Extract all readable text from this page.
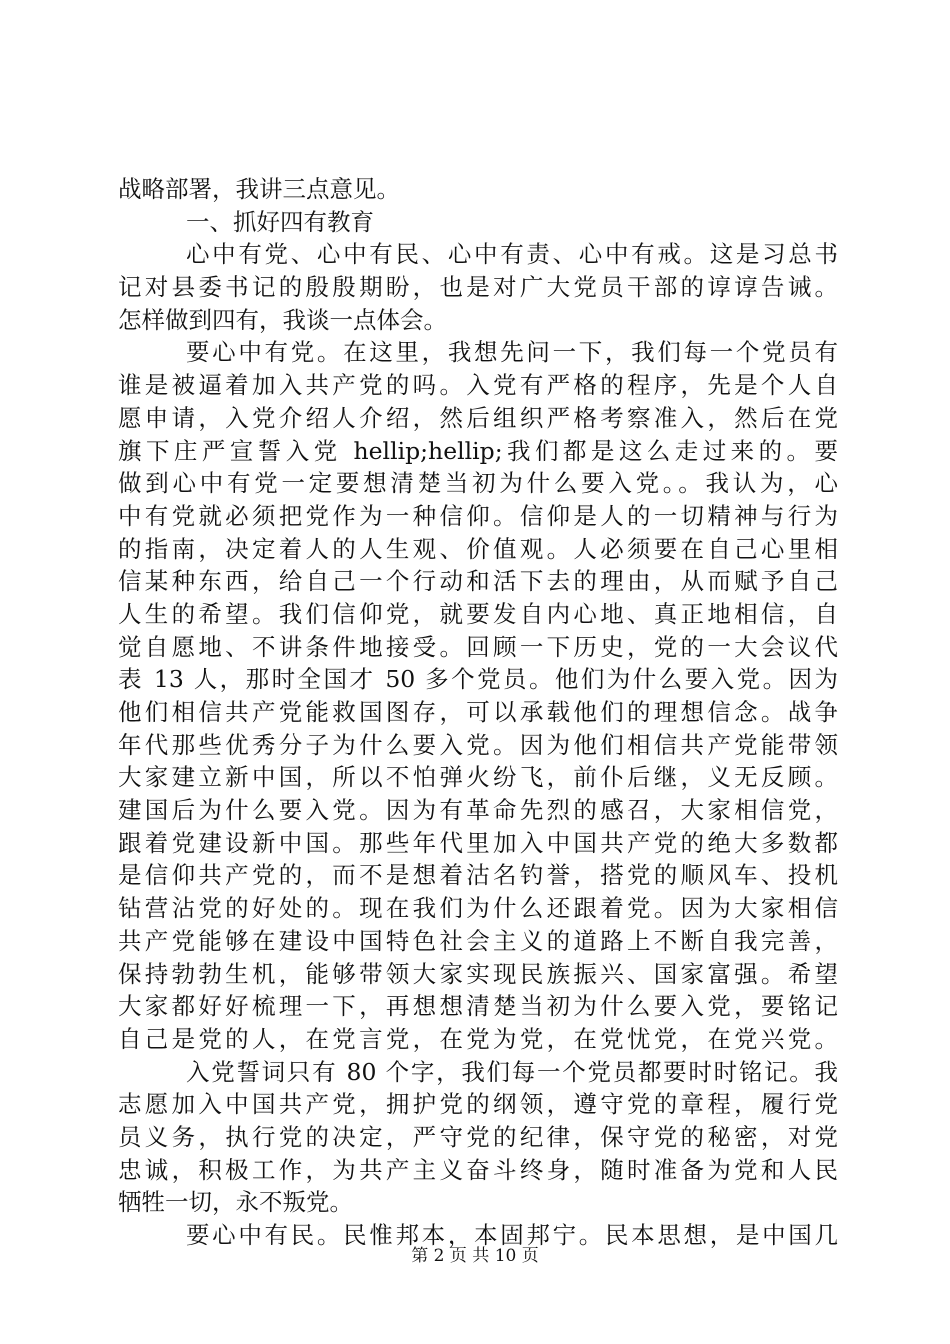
战略部署，我讲三点意见。
一、抓好四有教育
心中有党、心中有民、心中有责、心中有戒。这是习总书
记对县委书记的殷殷期盼，也是对广大党员干部的谆谆告诫。
怎样做到四有，我谈一点体会。
要心中有党。在这里，我想先问一下，我们每一个党员有
谁是被逼着加入共产党的吗。入党有严格的程序，先是个人自
愿申请，入党介绍人介绍，然后组织严格考察准入，然后在党
旗下庄严宣誓入党 hellip;hellip;我们都是这么走过来的。要
做到心中有党一定要想清楚当初为什么要入党。。我认为，心
中有党就必须把党作为一种信仰。信仰是人的一切精神与行为
的指南，决定着人的人生观、价值观。人必须要在自己心里相
信某种东西，给自己一个行动和活下去的理由，从而赋予自己
人生的希望。我们信仰党，就要发自内心地、真正地相信，自
觉自愿地、不讲条件地接受。回顾一下历史，党的一大会议代
表 13 人，那时全国才 50 多个党员。他们为什么要入党。因为
他们相信共产党能救国图存，可以承载他们的理想信念。战争
年代那些优秀分子为什么要入党。因为他们相信共产党能带领
大家建立新中国，所以不怕弹火纷飞，前仆后继，义无反顾。
建国后为什么要入党。因为有革命先烈的感召，大家相信党，
跟着党建设新中国。那些年代里加入中国共产党的绝大多数都
是信仰共产党的，而不是想着沽名钓誉，搭党的顺风车、投机
钻营沾党的好处的。现在我们为什么还跟着党。因为大家相信
共产党能够在建设中国特色社会主义的道路上不断自我完善，
保持勃勃生机，能够带领大家实现民族振兴、国家富强。希望
大家都好好梳理一下，再想想清楚当初为什么要入党，要铭记
自己是党的人，在党言党，在党为党，在党忧党，在党兴党。
入党誓词只有 80 个字，我们每一个党员都要时时铭记。我
志愿加入中国共产党，拥护党的纲领，遵守党的章程，履行党
员义务，执行党的决定，严守党的纪律，保守党的秘密，对党
忠诚，积极工作，为共产主义奋斗终身，随时准备为党和人民
牺牲一切，永不叛党。
要心中有民。民惟邦本，本固邦宁。民本思想，是中国几
第 2 页 共 10 页
